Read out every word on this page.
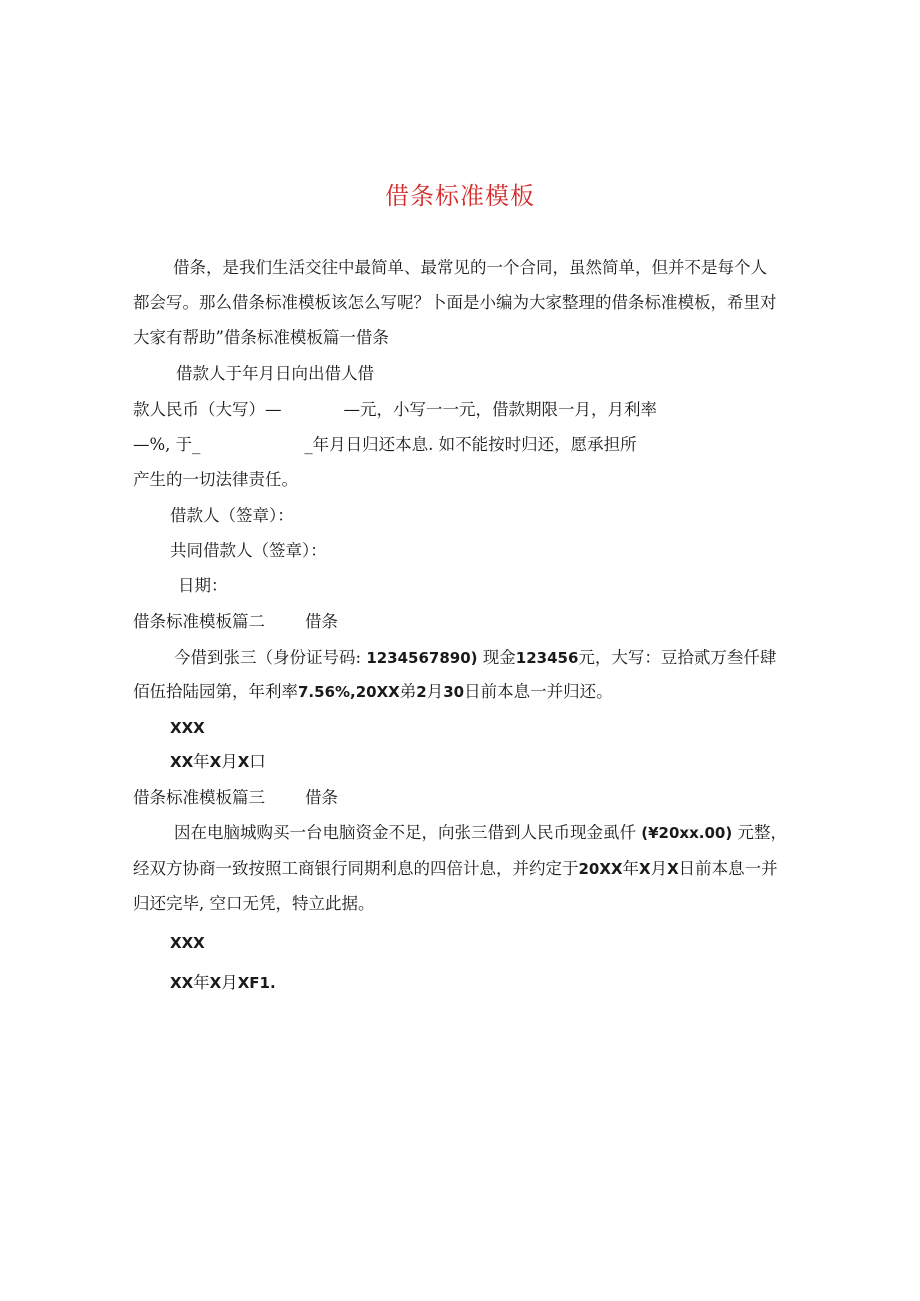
借条标准模板
借条，是我们生活交往中最简单、最常见的一个合同，虽然简单，但并不是每个人
都会写。那么借条标准模板该怎么写呢？卜面是小编为大家整理的借条标准模板，希里对
大家有帮助”借条标准模板篇一借条
借款人于年月日向出借人借
款人民币（大写）—	—元，小写一一元，借款期限一月，月利率
—%, 于_	_年月日归还本息. 如不能按时归还，愿承担所
产生的一切法律责任。
借款人（签章）：
共同借款人（签章）：
日期：
借条标准模板篇二 借条
今借到张三（身份证号码: 1234567890) 现金123456元，大写：豆拾贰万叁仟肆
佰伍拾陆园第，年利率7.56%,20XX弟2月30日前本息一并归还。
XXX
XX年X月X口
借条标准模板篇三 借条
因在电脑城购买一台电脑资金不足，向张三借到人民币现金虱仟 (¥20xx.00) 元整，
经双方协商一致按照工商银行同期利息的四倍计息，并约定于20XX年X月X日前本息一并
归还完毕, 空口无凭，特立此据。
XXX
XX年X月XF1.
